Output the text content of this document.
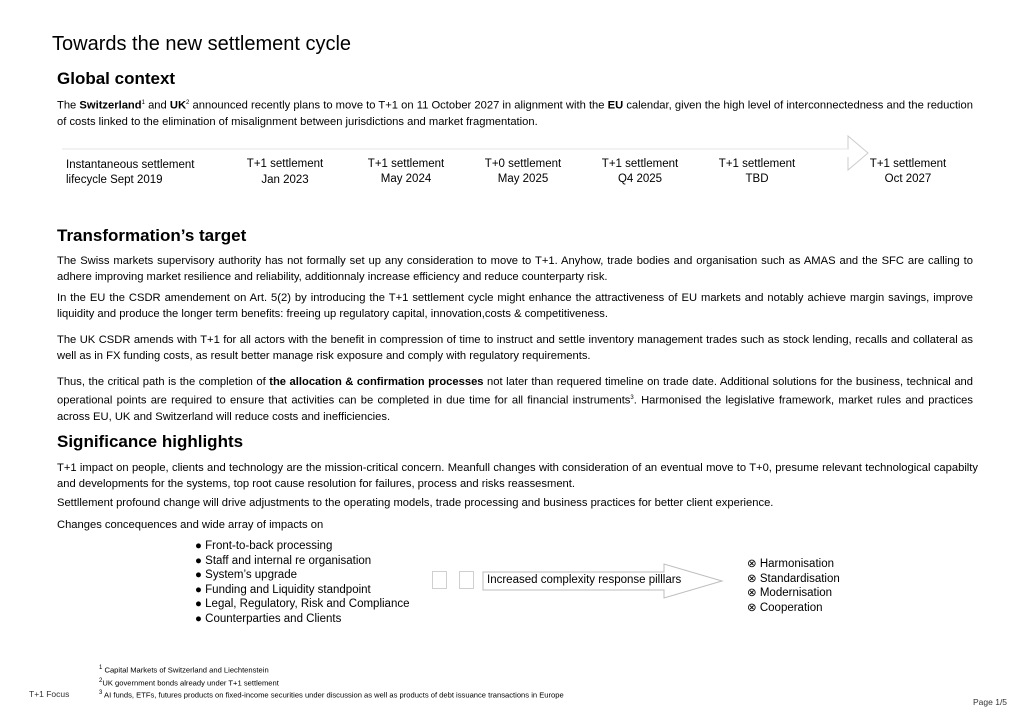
Towards the new settlement cycle
Global context
The Switzerland$^1$ and $UK^2$ announced recently plans to move to T+1 on 11 October 2027 in alignment with the EU calendar, given the high level of interconnectedness and the reduction of costs linked to the elimination of misalignment between jurisdictions and market fragmentation.
Instantaneous settlement
lifecycle Sept 2019
T+1 settlement
Jan 2023
T+1 settlement
May 2024
T+0 settlement
May 2025
T+1 settlement
Q4 2025
T+1 settlement
TBD
T+1 settlement
Oct 2027
Transformation’s target
The Swiss markets supervisory authority has not formally set up any consideration to move to T+1. Anyhow, trade bodies and organisation such as AMAS and the SFC are calling to adhere improving market resilience and reliability, additionnaly increase efficiency and reduce counterparty risk.
In the EU the CSDR amendement on Art. 5(2) by introducing the T+1 settlement cycle might enhance the attractiveness of EU markets and notably achieve margin savings, improve liquidity and produce the longer term benefits: freeing up regulatory capital, innovation,costs & competitiveness.
The UK CSDR amends with T+1 for all actors with the benefit in compression of time to instruct and settle inventory management trades such as stock lending, recalls and collateral as well as in FX funding costs, as result better manage risk exposure and comply with regulatory requirements.
Thus, the critical path is the completion of the allocation & confirmation processes not later than requered timeline on trade date. Additional solutions for the business, technical and operational points are required to ensure that activities can be completed in due time for all financial instruments$^3$. Harmonised the legislative framework, market rules and practices across EU, UK and Switzerland will reduce costs and inefficiencies.
Significance highlights
T+1 impact on people, clients and technology are the mission-critical concern. Meanfull changes with consideration of an eventual move to T+0, presume relevant technological capabilty and developments for the systems, top root cause resolution for failures, process and risks reassesment.
Settllement profound change will drive adjustments to the operating models, trade processing and business practices for better client experience.
Changes concequences and wide array of impacts on
● Front-to-back processing
● Staff and internal re organisation
● System’s upgrade
● Funding and Liquidity standpoint
● Legal, Regulatory, Risk and Compliance
● Counterparties and Clients
Increased complexity response pilllars
⊗ Harmonisation
⊗ Standardisation
⊗ Modernisation
⊗ Cooperation
$^1$ Capital Markets of Switzerland and Liechtenstein
$^2$UK government bonds already under T+1 settlement
$^3$ AI funds, ETFs, futures products on fixed-income securities under discussion as well as products of debt issuance transactions in Europe
T+1 Focus
Page 1/5
